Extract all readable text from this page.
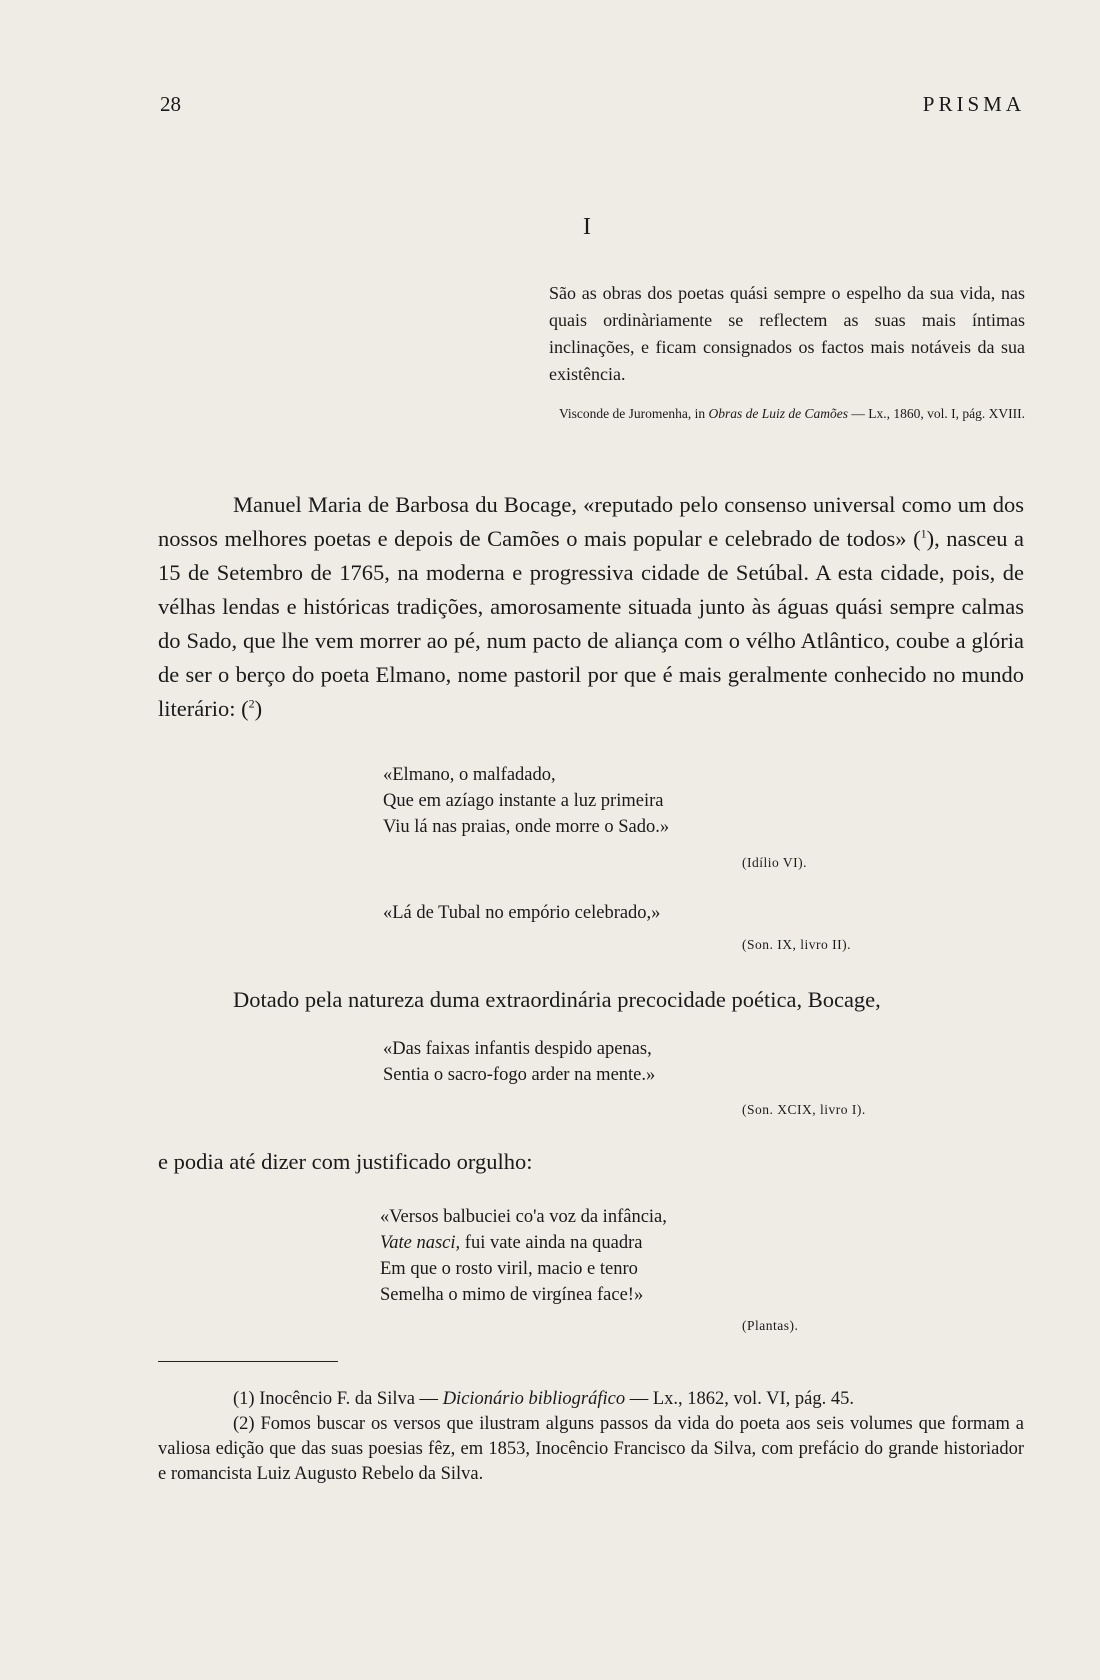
28	PRISMA
I

São as obras dos poetas quási sempre o espelho da sua vida, nas quais ordinàriamente se reflectem as suas mais íntimas inclinações, e ficam consignados os factos mais notáveis da sua existência.

Visconde de Juromenha, in Obras de Luiz de Camões — Lx., 1860, vol. I, pág. XVIII.
Manuel Maria de Barbosa du Bocage, «reputado pelo consenso universal como um dos nossos melhores poetas e depois de Camões o mais popular e celebrado de todos» ($^1$), nasceu a 15 de Setembro de 1765, na moderna e progressiva cidade de Setúbal. A esta cidade, pois, de vélhas lendas e históricas tradições, amorosamente situada junto às águas quási sempre calmas do Sado, que lhe vem morrer ao pé, num pacto de aliança com o vélho Atlântico, coube a glória de ser o berço do poeta Elmano, nome pastoril por que é mais geralmente conhecido no mundo literário: ($^2$)
«Elmano, o malfadado,
Que em azíago instante a luz primeira
Viu lá nas praias, onde morre o Sado.»
(Idílio VI).
«Lá de Tubal no empório celebrado,»
(Son. IX, livro II).
Dotado pela natureza duma extraordinária precocidade poética, Bocage,
«Das faixas infantis despido apenas,
Sentia o sacro-fogo arder na mente.»
(Son. XCIX, livro I).
e podia até dizer com justificado orgulho:
«Versos balbuciei co'a voz da infância,
Vate nasci, fui vate ainda na quadra
Em que o rosto viril, macio e tenro
Semelha o mimo de virgínea face!»
(Plantas).

(1) Inocêncio F. da Silva — Dicionário bibliográfico — Lx., 1862, vol. VI, pág. 45.

(2) Fomos buscar os versos que ilustram alguns passos da vida do poeta aos seis volumes que formam a valiosa edição que das suas poesias fêz, em 1853, Inocêncio Francisco da Silva, com prefácio do grande historiador e romancista Luiz Augusto Rebelo da Silva.
